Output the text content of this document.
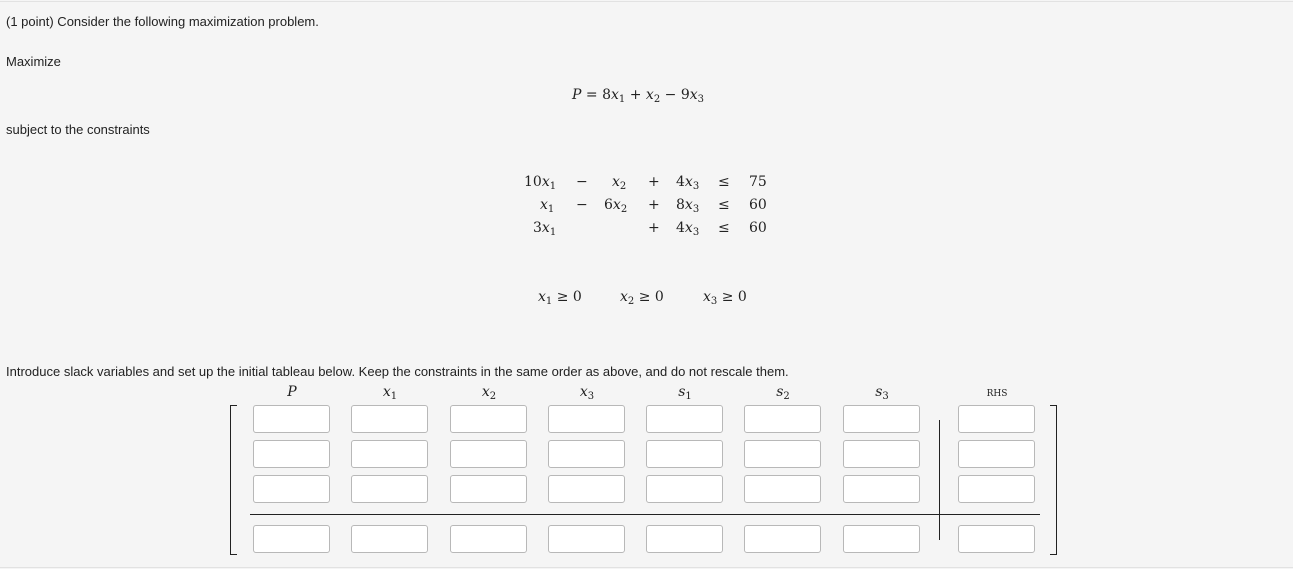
(1 point) Consider the following maximization problem.
Maximize
$P = 8x_1 + x_2 - 9x_3$
subject to the constraints
$10x_1 - x_2 + 4x_3 \le 75$
$x_1 - 6x_2 + 8x_3 \le 60$
$3x_1$	+ $4x_3 \le 60$
$x_1 \ge 0$	$x_2 \ge 0$	$x_3 \ge 0$
Introduce slack variables and set up the initial tableau below. Keep the constraints in the same order as above, and do not rescale them.
P	$x_1$	$x_2$	$x_3$	$s_1$	$s_2$	$s_3$	RHS
